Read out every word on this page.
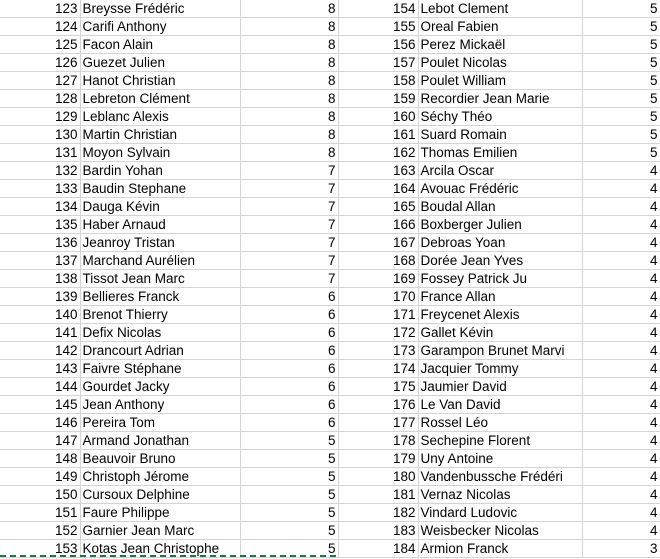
123	Breysse Frédéric	8	154	Lebot Clement	5
124	Carifi Anthony	8	155	Oreal Fabien	5
125	Facon Alain	8	156	Perez Mickaël	5
126	Guezet Julien	8	157	Poulet Nicolas	5
127	Hanot Christian	8	158	Poulet William	5
128	Lebreton Clément	8	159	Recordier Jean Marie	5
129	Leblanc Alexis	8	160	Séchy Théo	5
130	Martin Christian	8	161	Suard Romain	5
131	Moyon Sylvain	8	162	Thomas Emilien	5
132	Bardin Yohan	7	163	Arcila Oscar	4
133	Baudin Stephane	7	164	Avouac Frédéric	4
134	Dauga Kévin	7	165	Boudal Allan	4
135	Haber Arnaud	7	166	Boxberger Julien	4
136	Jeanroy Tristan	7	167	Debroas Yoan	4
137	Marchand Aurélien	7	168	Dorée Jean Yves	4
138	Tissot Jean Marc	7	169	Fossey Patrick Ju	4
139	Bellieres Franck	6	170	France Allan	4
140	Brenot Thierry	6	171	Freycenet Alexis	4
141	Defix Nicolas	6	172	Gallet Kévin	4
142	Drancourt Adrian	6	173	Garampon Brunet Marvi	4
143	Faivre Stéphane	6	174	Jacquier Tommy	4
144	Gourdet Jacky	6	175	Jaumier David	4
145	Jean Anthony	6	176	Le Van David	4
146	Pereira Tom	6	177	Rossel Léo	4
147	Armand Jonathan	5	178	Sechepine Florent	4
148	Beauvoir Bruno	5	179	Uny Antoine	4
149	Christoph Jérome	5	180	Vandenbussche Frédéri	4
150	Cursoux Delphine	5	181	Vernaz Nicolas	4
151	Faure Philippe	5	182	Vindard Ludovic	4
152	Garnier Jean Marc	5	183	Weisbecker Nicolas	4
153	Kotas Jean Christophe	5	184	Armion Franck	3
